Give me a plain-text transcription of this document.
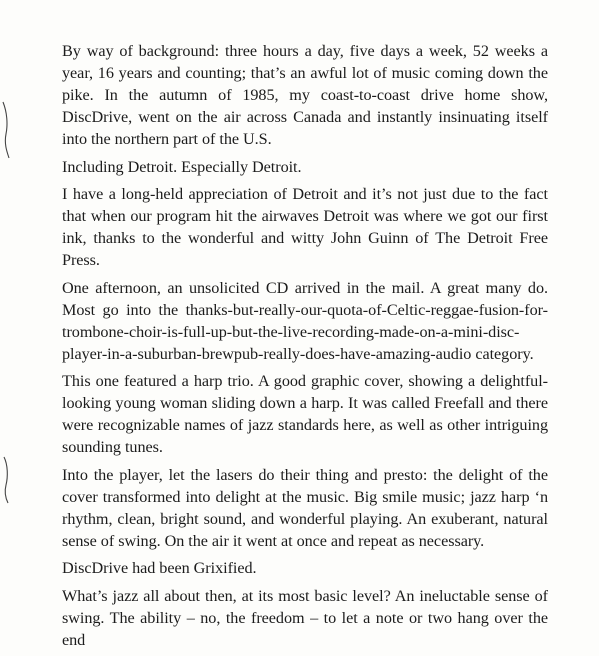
By way of background: three hours a day, five days a week, 52 weeks a year, 16 years and counting; that’s an awful lot of music coming down the pike. In the autumn of 1985, my coast-to-coast drive home show, DiscDrive, went on the air across Canada and instantly insinuating itself into the northern part of the U.S.

Including Detroit. Especially Detroit.

I have a long-held appreciation of Detroit and it’s not just due to the fact that when our program hit the airwaves Detroit was where we got our first ink, thanks to the wonderful and witty John Guinn of The Detroit Free Press.

One afternoon, an unsolicited CD arrived in the mail. A great many do. Most go into the thanks-but-really-our-quota-of-Celtic-reggae-fusion-for-trombone-choir-is-full-up-but-the-live-recording-made-on-a-mini-disc-player-in-a-suburban-brewpub-really-does-have-amazing-audio category.

This one featured a harp trio. A good graphic cover, showing a delightful-looking young woman sliding down a harp. It was called Freefall and there were recognizable names of jazz standards here, as well as other intriguing sounding tunes.

Into the player, let the lasers do their thing and presto: the delight of the cover transformed into delight at the music. Big smile music; jazz harp ‘n rhythm, clean, bright sound, and wonderful playing. An exuberant, natural sense of swing. On the air it went at once and repeat as necessary.

DiscDrive had been Grixified.

What’s jazz all about then, at its most basic level? An ineluctable sense of swing. The ability – no, the freedom – to let a note or two hang over the end
